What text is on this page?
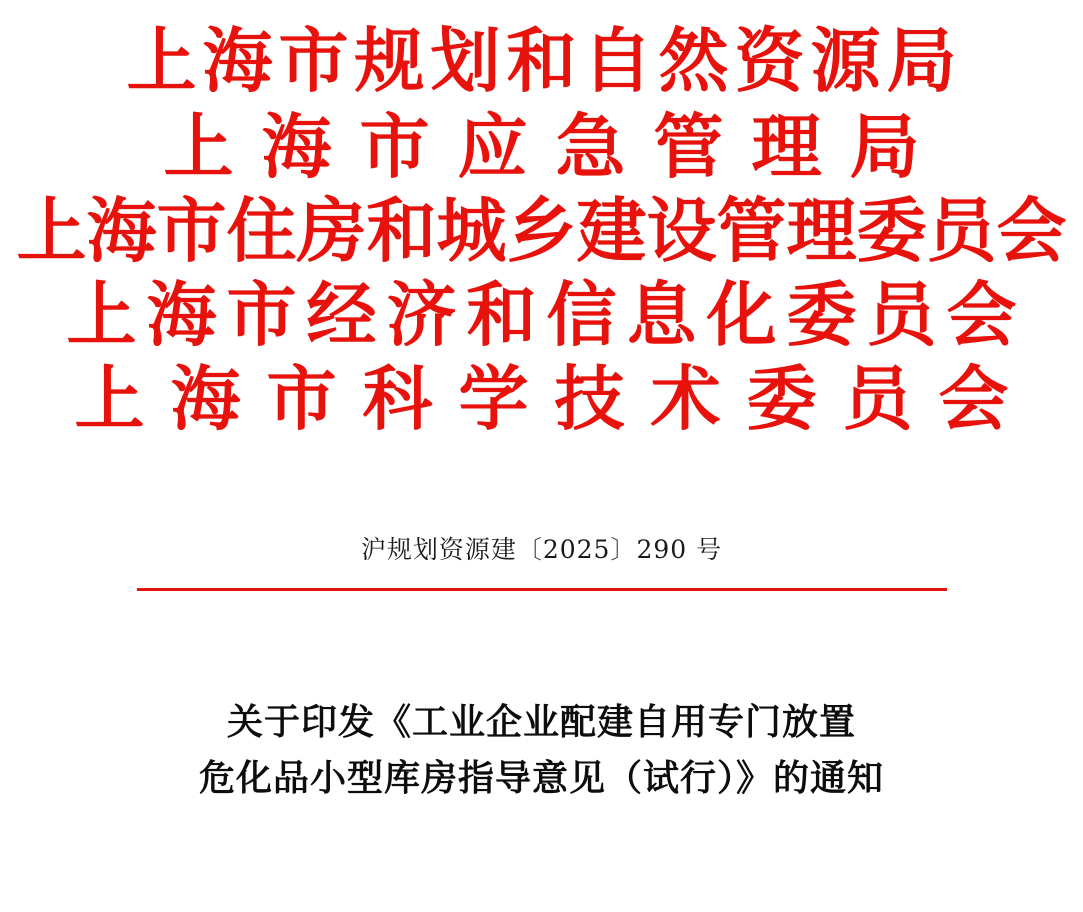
上海市规划和自然资源局
上海市应急管理局
上海市住房和城乡建设管理委员会
上海市经济和信息化委员会
上海市科学技术委员会
沪规划资源建〔2025〕290 号
关于印发《工业企业配建自用专门放置
危化品小型库房指导意见（试行）》的通知
